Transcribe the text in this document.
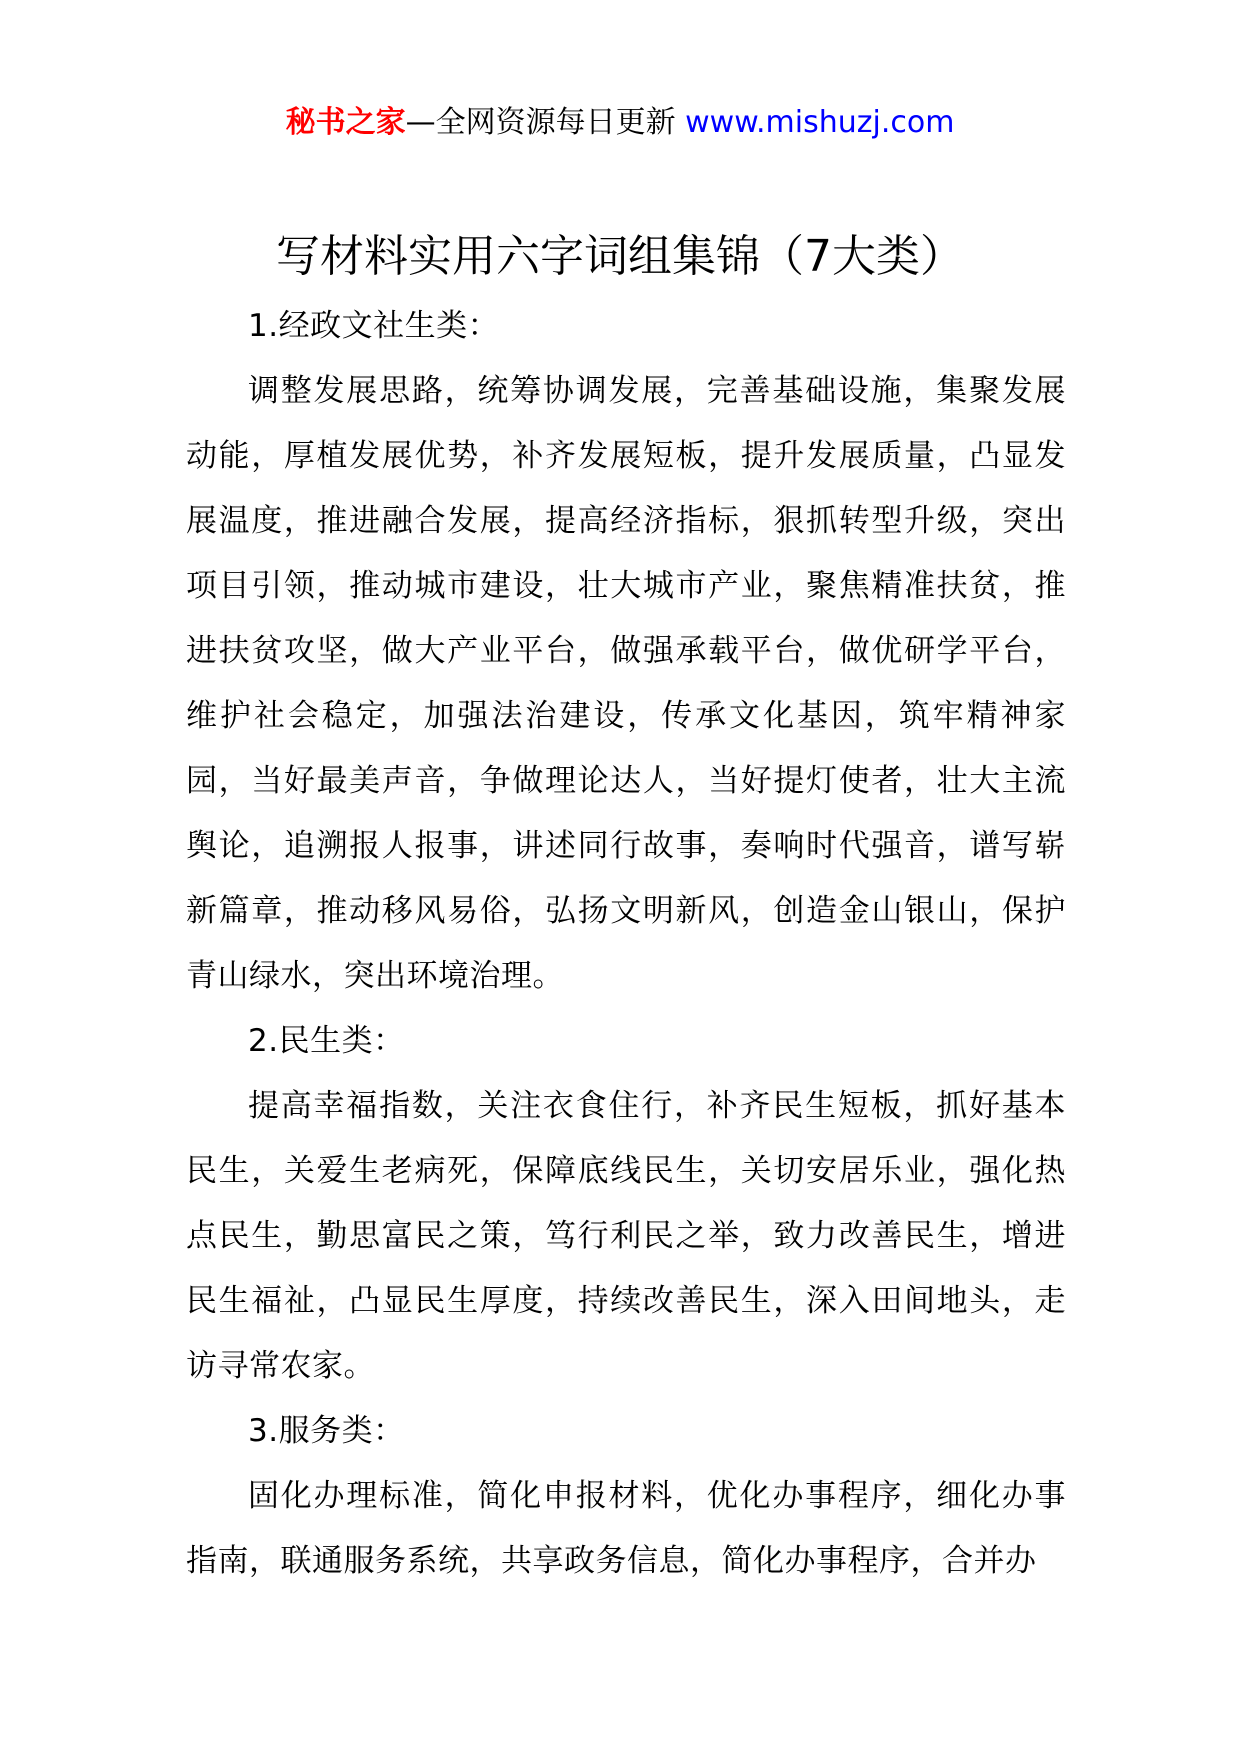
秘书之家—全网资源每日更新 www.mishuzj.com
写材料实用六字词组集锦（7大类）

1.经政文社生类：

调整发展思路，统筹协调发展，完善基础设施，集聚发展动能，厚植发展优势，补齐发展短板，提升发展质量，凸显发展温度，推进融合发展，提高经济指标，狠抓转型升级，突出项目引领，推动城市建设，壮大城市产业，聚焦精准扶贫，推进扶贫攻坚，做大产业平台，做强承载平台，做优研学平台，维护社会稳定，加强法治建设，传承文化基因，筑牢精神家园，当好最美声音，争做理论达人，当好提灯使者，壮大主流舆论，追溯报人报事，讲述同行故事，奏响时代强音，谱写崭新篇章，推动移风易俗，弘扬文明新风，创造金山银山，保护青山绿水，突出环境治理。

2.民生类：

提高幸福指数，关注衣食住行，补齐民生短板，抓好基本民生，关爱生老病死，保障底线民生，关切安居乐业，强化热点民生，勤思富民之策，笃行利民之举，致力改善民生，增进民生福祉，凸显民生厚度，持续改善民生，深入田间地头，走访寻常农家。

3.服务类：

固化办理标准，简化申报材料，优化办事程序，细化办事指南，联通服务系统，共享政务信息，简化办事程序，合并办
